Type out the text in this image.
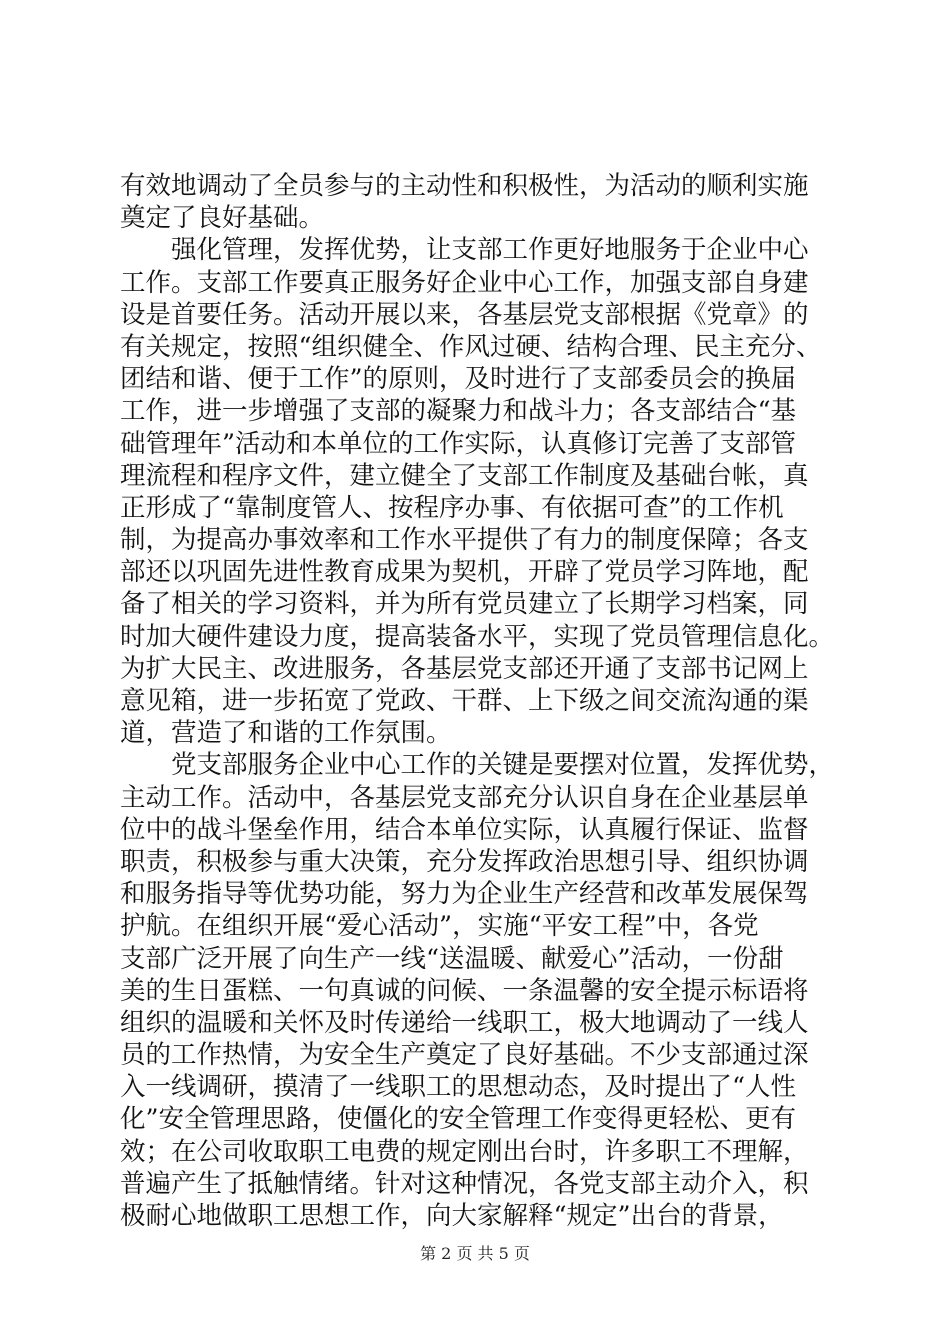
有效地调动了全员参与的主动性和积极性，为活动的顺利实施
奠定了良好基础。
　　强化管理，发挥优势，让支部工作更好地服务于企业中心
工作。支部工作要真正服务好企业中心工作，加强支部自身建
设是首要任务。活动开展以来，各基层党支部根据《党章》的
有关规定，按照“组织健全、作风过硬、结构合理、民主充分、
团结和谐、便于工作”的原则，及时进行了支部委员会的换届
工作，进一步增强了支部的凝聚力和战斗力；各支部结合“基
础管理年”活动和本单位的工作实际，认真修订完善了支部管
理流程和程序文件，建立健全了支部工作制度及基础台帐，真
正形成了“靠制度管人、按程序办事、有依据可查”的工作机
制，为提高办事效率和工作水平提供了有力的制度保障；各支
部还以巩固先进性教育成果为契机，开辟了党员学习阵地，配
备了相关的学习资料，并为所有党员建立了长期学习档案，同
时加大硬件建设力度，提高装备水平，实现了党员管理信息化。
为扩大民主、改进服务，各基层党支部还开通了支部书记网上
意见箱，进一步拓宽了党政、干群、上下级之间交流沟通的渠
道，营造了和谐的工作氛围。
　　党支部服务企业中心工作的关键是要摆对位置，发挥优势，
主动工作。活动中，各基层党支部充分认识自身在企业基层单
位中的战斗堡垒作用，结合本单位实际，认真履行保证、监督
职责，积极参与重大决策，充分发挥政治思想引导、组织协调
和服务指导等优势功能，努力为企业生产经营和改革发展保驾
护航。在组织开展“爱心活动”，实施“平安工程”中，各党
支部广泛开展了向生产一线“送温暖、献爱心”活动，一份甜
美的生日蛋糕、一句真诚的问候、一条温馨的安全提示标语将
组织的温暖和关怀及时传递给一线职工，极大地调动了一线人
员的工作热情，为安全生产奠定了良好基础。不少支部通过深
入一线调研，摸清了一线职工的思想动态，及时提出了“人性
化”安全管理思路，使僵化的安全管理工作变得更轻松、更有
效；在公司收取职工电费的规定刚出台时，许多职工不理解，
普遍产生了抵触情绪。针对这种情况，各党支部主动介入，积
极耐心地做职工思想工作，向大家解释“规定”出台的背景，
第 2 页 共 5 页
